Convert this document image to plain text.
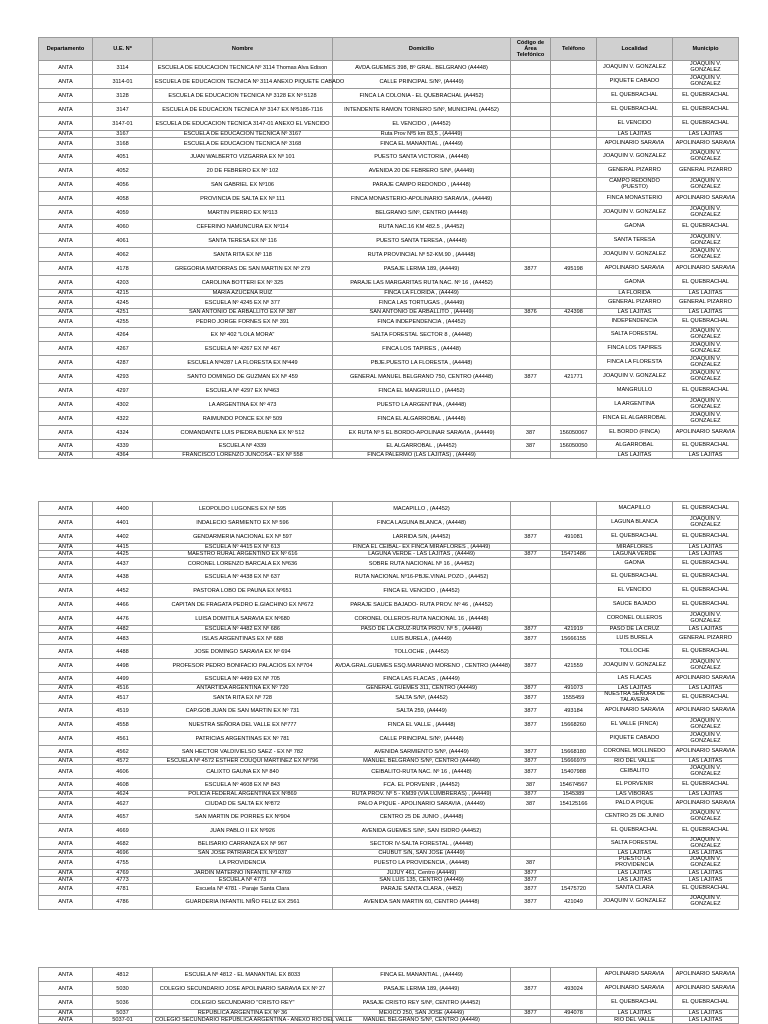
Departamento	U.E. Nº	Nombre	Domicilio	Código de Área Telefónico	Teléfono	Localidad	Municipio
ANTA	3114	ESCUELA DE EDUCACION TECNICA Nº 3114 Thomas Alva Edison	AVDA.GUEMES 398, Bº GRAL. BELGRANO (A4448)			JOAQUIN V. GONZALEZ	JOAQUIN V. GONZALEZ
ANTA	3114-01	ESCUELA DE EDUCACION TECNICA Nº 3114 ANEXO PIQUETE CABADO	CALLE PRINCIPAL S/Nº, (A4449)			PIQUETE CABADO	JOAQUIN V. GONZALEZ
ANTA	3128	ESCUELA DE EDUCACION TECNICA Nº 3128 EX Nº 5128	FINCA LA COLONIA - EL QUEBRACHAL (A4452)			EL QUEBRACHAL	EL QUEBRACHAL
ANTA	3147	ESCUELA DE EDUCACION TECNICA Nº 3147 EX Nº5186-7116	INTENDENTE RAMON TORNERO S/Nº, MUNICIPAL (A4452)			EL QUEBRACHAL	EL QUEBRACHAL
ANTA	3147-01	ESCUELA DE EDUCACION TECNICA 3147-01 ANEXO EL VENCIDO	EL VENCIDO , (A4452)			EL VENCIDO	EL QUEBRACHAL
ANTA	3167	ESCUELA DE EDUCACION TECNICA Nº 3167	Ruta Prov Nº5 km 83,5 , (A4449)			LAS LAJITAS	LAS LAJITAS
ANTA	3168	ESCUELA DE EDUCACION TECNICA Nº 3168	FINCA EL MANANTIAL , (A4449)			APOLINARIO SARAVIA	APOLINARIO SARAVIA
ANTA	4051	JUAN WALBERTO VIZGARRA EX Nº 101	PUESTO SANTA VICTORIA , (A4448)			JOAQUIN V. GONZALEZ	JOAQUIN V. GONZALEZ
ANTA	4052	20 DE FEBRERO EX Nº 102	AVENIDA 20 DE FEBRERO S/Nº, (A4449)			GENERAL PIZARRO	GENERAL PIZARRO
ANTA	4056	SAN GABRIEL EX Nº106	PARAJE CAMPO REDONDO , (A4448)			CAMPO REDONDO (PUESTO)	JOAQUIN V. GONZALEZ
ANTA	4058	PROVINCIA DE SALTA EX Nº 111	FINCA MONASTERIO-APOLINARIO SARAVIA , (A4449)			FINCA MONASTERIO	APOLINARIO SARAVIA
ANTA	4059	MARTIN PIERRO EX Nº113	BELGRANO S/Nº, CENTRO (A4448)			JOAQUIN V. GONZALEZ	JOAQUIN V. GONZALEZ
ANTA	4060	CEFERINO NAMUNCURA EX Nº114	RUTA NAC.16 KM 482.5 , (A4452)			GAONA	EL QUEBRACHAL
ANTA	4061	SANTA TERESA EX Nº 116	PUESTO SANTA TERESA , (A4448)			SANTA TERESA	JOAQUIN V. GONZALEZ
ANTA	4062	SANTA RITA EX Nº 118	RUTA PROVINCIAL Nº 52-KM.90 , (A4448)			JOAQUIN V. GONZALEZ	JOAQUIN V. GONZALEZ
ANTA	4178	GREGORIA MATORRAS DE SAN MARTIN EX Nº 279	PASAJE LERMA 189, (A4449)	3877	495198	APOLINARIO SARAVIA	APOLINARIO SARAVIA
ANTA	4203	CAROLINA BOTTERI EX Nº 325	PARAJE LAS MARGARITAS RUTA NAC. Nº 16 , (A4452)			GAONA	EL QUEBRACHAL
ANTA	4215	MARIA AZUCENA RUIZ	FINCA LA FLORIDA , (A4449)			LA FLORIDA	LAS LAJITAS
ANTA	4245	ESCUELA Nº 4245 EX Nº 377	FINCA LAS TORTUGAS , (A4449)			GENERAL PIZARRO	GENERAL PIZARRO
ANTA	4251	SAN ANTONIO DE ARBALLITO EX Nº 387	SAN ANTONIO DE ARBALLITO , (A4449)	3876	424398	LAS LAJITAS	LAS LAJITAS
ANTA	4255	PEDRO JORGE FORNES EX Nº 391	FINCA INDEPENDENCIA , (A4452)			INDEPENDENCIA	EL QUEBRACHAL
ANTA	4264	EX Nº 402 "LOLA MORA"	SALTA FORESTAL SECTOR 8 , (A4448)			SALTA FORESTAL	JOAQUIN V. GONZALEZ
ANTA	4267	ESCUELA Nº 4267 EX Nº 467	FINCA LOS TAPIRES , (A4448)			FINCA LOS TAPIRES	JOAQUIN V. GONZALEZ
ANTA	4287	ESCUELA Nº4287 LA FLORESTA EX Nº449	PBJE.PUESTO LA FLORESTA , (A4448)			FINCA LA FLORESTA	JOAQUIN V. GONZALEZ
ANTA	4293	SANTO DOMINGO DE GUZMAN EX Nº 459	GENERAL MANUEL BELGRANO 750, CENTRO (A4448)	3877	421771	JOAQUIN V. GONZALEZ	JOAQUIN V. GONZALEZ
ANTA	4297	ESCUELA Nº 4297 EX Nº463	FINCA EL MANGRULLO , (A4452)			MANGRULLO	EL QUEBRACHAL
ANTA	4302	LA ARGENTINA EX Nº 473	PUESTO LA ARGENTINA , (A4448)			LA ARGENTINA	JOAQUIN V. GONZALEZ
ANTA	4322	RAIMUNDO PONCE EX Nº 509	FINCA EL ALGARROBAL , (A4448)			FINCA EL ALGARROBAL	JOAQUIN V. GONZALEZ
ANTA	4324	COMANDANTE LUIS PIEDRA BUENA EX Nº 512	EX RUTA Nº 5 EL BORDO-APOLINAR SARAVIA , (A4449)	387	156050067	EL BORDO (FINCA)	APOLINARIO SARAVIA
ANTA	4339	ESCUELA Nº 4339	EL ALGARROBAL , (A4452)	387	156050050	ALGARROBAL	EL QUEBRACHAL
ANTA	4364	FRANCISCO LORENZO JUNCOSA - EX Nº 558	FINCA PALERMO (LAS LAJITAS) , (A4449)			LAS LAJITAS	LAS LAJITAS
ANTA	4400	LEOPOLDO LUGONES EX Nº 595	MACAPILLO , (A4452)			MACAPILLO	EL QUEBRACHAL
ANTA	4401	INDALECIO SARMIENTO EX Nº 596	FINCA LAGUNA BLANCA , (A4448)			LAGUNA BLANCA	JOAQUIN V. GONZALEZ
ANTA	4402	GENDARMERIA NACIONAL EX Nº 597	LARRIDA S/N, (A4452)	3877	491081	EL QUEBRACHAL	EL QUEBRACHAL
ANTA	4415	ESCUELA Nº 4415 EX Nº 613	FINCA EL CEIBAL- EX FINCA MIRAFLORES , (A4449)			MIRAFLORES	LAS LAJITAS
ANTA	4425	MAESTRO RURAL ARGENTINO EX Nº 616	LAGUNA VERDE - LAS LAJITAS , (A4449)	3877	15471486	LAGUNA VERDE	LAS LAJITAS
ANTA	4437	CORONEL LORENZO BARCALA EX Nº636	SOBRE RUTA NACIONAL Nº 16 , (A4452)			GAONA	EL QUEBRACHAL
ANTA	4438	ESCUELA Nº 4438 EX Nº 637	RUTA NACIONAL Nº16-PBJE.VINAL POZO , (A4452)			EL QUEBRACHAL	EL QUEBRACHAL
ANTA	4452	PASTORA LOBO DE PAUNA EX Nº651	FINCA EL VENCIDO , (A4452)			EL VENCIDO	EL QUEBRACHAL
ANTA	4466	CAPITAN DE FRAGATA PEDRO E.GIACHINO EX Nº672	PARAJE SAUCE BAJADO- RUTA PROV. Nº 46 , (A4452)			SAUCE BAJADO	EL QUEBRACHAL
ANTA	4476	LUISA DOMITILA SARAVIA EX Nº680	CORONEL OLLEROS-RUTA NACIONAL 16 , (A4448)			CORONEL OLLEROS	JOAQUIN V. GONZALEZ
ANTA	4482	ESCUELA Nº 4482 EX Nº 686	PASO DE LA CRUZ-RUTA PROV. Nº 5 , (A4449)	3877	421919	PASO DE LA CRUZ	LAS LAJITAS
ANTA	4483	ISLAS ARGENTINAS EX Nº 688	LUIS BURELA , (A4449)	3877	15666155	LUIS BURELA	GENERAL PIZARRO
ANTA	4488	JOSE DOMINGO SARAVIA EX Nº 694	TOLLOCHE , (A4452)			TOLLOCHE	EL QUEBRACHAL
ANTA	4498	PROFESOR PEDRO BONIFACIO PALACIOS EX Nº704	AVDA.GRAL.GUEMES ESQ.MARIANO MORENO , CENTRO (A4448)	3877	421559	JOAQUIN V. GONZALEZ	JOAQUIN V. GONZALEZ
ANTA	4499	ESCUELA Nº 4499 EX Nº 705	FINCA LAS FLACAS , (A4449)			LAS FLACAS	APOLINARIO SARAVIA
ANTA	4516	ANTARTIDA ARGENTINA EX Nº 720	GENERAL GUEMES 311, CENTRO (A4449)	3877	491073	LAS LAJITAS	LAS LAJITAS
ANTA	4517	SANTA RITA EX Nº 728	SALTA S/Nº, (A4452)	3877	1555459	NUESTRA SEÑORA DE TALAVERA	EL QUEBRACHAL
ANTA	4519	CAP.GOB.JUAN DE SAN MARTIN EX Nº 731	SALTA 259, (A4449)	3877	493184	APOLINARIO SARAVIA	APOLINARIO SARAVIA
ANTA	4558	NUESTRA SEÑORA DEL VALLE EX Nº777	FINCA EL VALLE , (A4448)	3877	15668260	EL VALLE (FINCA)	JOAQUIN V. GONZALEZ
ANTA	4561	PATRICIAS ARGENTINAS EX Nº 781	CALLE PRINCIPAL S/Nº, (A4448)			PIQUETE CABADO	JOAQUIN V. GONZALEZ
ANTA	4562	SAN HECTOR VALDIVIELSO SAEZ - EX Nº 782	AVENIDA SARMIENTO S/Nº, (A4449)	3877	15668180	CORONEL MOLLINEDO	APOLINARIO SARAVIA
ANTA	4572	ESCUELA Nº 4572 ESTHER COUQUI MARTINEZ EX Nº796	MANUEL BELGRANO S/Nº, CENTRO (A4449)	3877	15666979	RIO DEL VALLE	LAS LAJITAS
ANTA	4606	CALIXTO GAUNA EX Nº 840	CEIBALITO-RUTA NAC. Nº 16 , (A4448)	3877	15407988	CEIBALITO	JOAQUIN V. GONZALEZ
ANTA	4608	ESCUELA Nº 4608 EX Nº 843	FCA. EL PORVENIR , (A4452)	387	154674567	EL PORVENIR	EL QUEBRACHAL
ANTA	4624	POLICIA FEDERAL ARGENTINA EX Nº869	RUTA PROV. Nº 5 - KM39 (VIA LUMBRERAS) , (A4449)	3877	1545389	LAS VIBORAS	LAS LAJITAS
ANTA	4627	CIUDAD DE SALTA EX Nº872	PALO A PIQUE - APOLINARIO SARAVIA , (A4449)	387	154125166	PALO A PIQUE	APOLINARIO SARAVIA
ANTA	4657	SAN MARTIN DE PORRES EX Nº904	CENTRO 25 DE JUNIO , (A4448)			CENTRO 25 DE JUNIO	JOAQUIN V. GONZALEZ
ANTA	4669	JUAN PABLO II EX Nº926	AVENIDA GUEMES S/Nº, SAN ISIDRO (A4452)			EL QUEBRACHAL	EL QUEBRACHAL
ANTA	4682	BELISARIO CARRANZA EX Nº 967	SECTOR IV-SALTA FORESTAL , (A4448)			SALTA FORESTAL	JOAQUIN V. GONZALEZ
ANTA	4696	SAN JOSE PATRIARCA EX Nº1037	CHUBUT S/N, SAN JOSE (A4449)			LAS LAJITAS	LAS LAJITAS
ANTA	4755	LA PROVIDENCIA	PUESTO LA PROVIDENCIA , (A4448)	387		PUESTO LA PROVIDENCIA	JOAQUIN V. GONZALEZ
ANTA	4769	JARDIN MATERNO INFANTIL Nº 4769	JUJUY 461, Centro (A4449)	3877		LAS LAJITAS	LAS LAJITAS
ANTA	4773	ESCUELA Nº 4773	SAN LUIS 135, CENTRO (A4449)	3877		LAS LAJITAS	LAS LAJITAS
ANTA	4781	Escuela Nº 4781 - Paraje Santa Clara	PARAJE SANTA CLARA , (4452)	3877	15475720	SANTA CLARA	EL QUEBRACHAL
ANTA	4786	GUARDERIA INFANTIL NIÑO FELIZ EX 2561	AVENIDA SAN MARTIN 60, CENTRO (A4448)	3877	421049	JOAQUIN V. GONZALEZ	JOAQUIN V. GONZALEZ
ANTA	4812	ESCUELA Nº 4812 - EL MANANTIAL EX 8033	FINCA EL MANANTIAL , (A4449)			APOLINARIO SARAVIA	APOLINARIO SARAVIA
ANTA	5030	COLEGIO SECUNDARIO JOSE APOLINARIO SARAVIA EX Nº 27	PASAJE LERMA 189, (A4449)	3877	493024	APOLINARIO SARAVIA	APOLINARIO SARAVIA
ANTA	5036	COLEGIO SECUNDARIO "CRISTO REY"	PASAJE CRISTO REY S/Nº, CENTRO (A4452)			EL QUEBRACHAL	EL QUEBRACHAL
ANTA	5037	REPUBLICA ARGENTINA EX Nº 36	MEXICO 250, SAN JOSE (A4449)	3877	494078	LAS LAJITAS	LAS LAJITAS
ANTA	5037-01	COLEGIO SECUNDARIO REPUBLICA ARGENTINA - ANEXO RIO DEL VALLE	MANUEL BELGRANO S/Nº, CENTRO (A4449)			RIO DEL VALLE	LAS LAJITAS
